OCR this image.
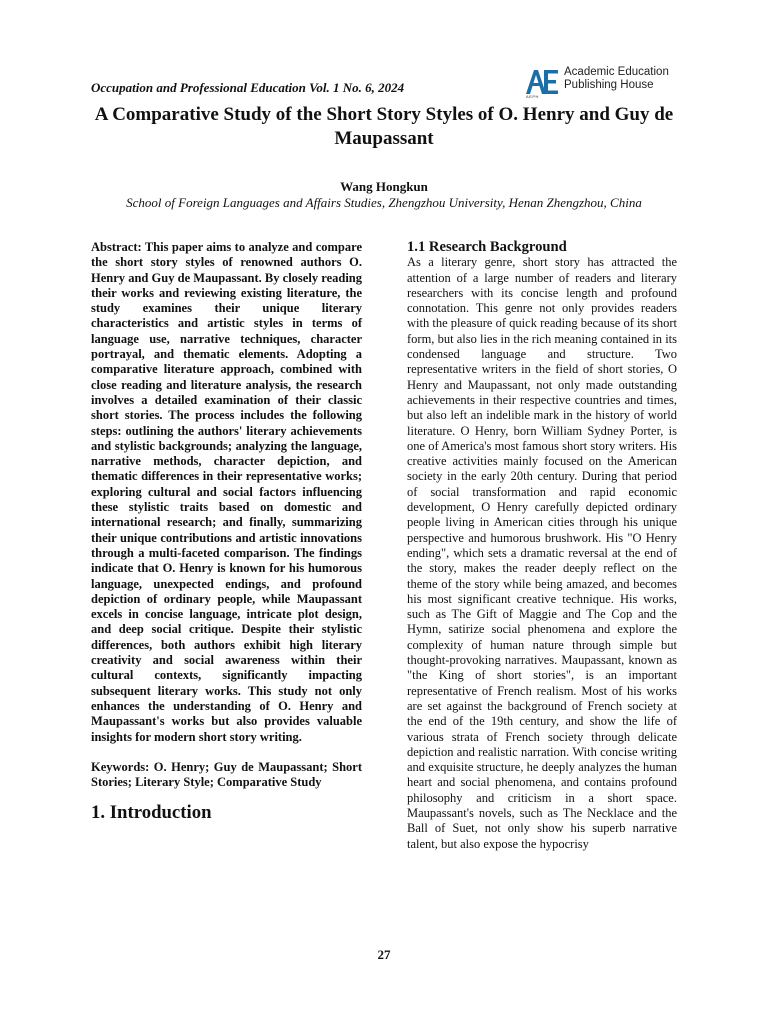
Occupation and Professional Education Vol. 1 No. 6, 2024
Academic Education
Publishing House
AEPH
A Comparative Study of the Short Story Styles of O. Henry and Guy de Maupassant
Wang Hongkun
School of Foreign Languages and Affairs Studies, Zhengzhou University, Henan Zhengzhou, China

Abstract: This paper aims to analyze and compare the short story styles of renowned authors O. Henry and Guy de Maupassant. By closely reading their works and reviewing existing literature, the study examines their unique literary characteristics and artistic styles in terms of language use, narrative techniques, character portrayal, and thematic elements. Adopting a comparative literature approach, combined with close reading and literature analysis, the research involves a detailed examination of their classic short stories. The process includes the following steps: outlining the authors' literary achievements and stylistic backgrounds; analyzing the language, narrative methods, character depiction, and thematic differences in their representative works; exploring cultural and social factors influencing these stylistic traits based on domestic and international research; and finally, summarizing their unique contributions and artistic innovations through a multi-faceted comparison. The findings indicate that O. Henry is known for his humorous language, unexpected endings, and profound depiction of ordinary people, while Maupassant excels in concise language, intricate plot design, and deep social critique. Despite their stylistic differences, both authors exhibit high literary creativity and social awareness within their cultural contexts, significantly impacting subsequent literary works. This study not only enhances the understanding of O. Henry and Maupassant's works but also provides valuable insights for modern short story writing.

Keywords: O. Henry; Guy de Maupassant; Short Stories; Literary Style; Comparative Study

1. Introduction
1.1 Research Background

As a literary genre, short story has attracted the attention of a large number of readers and literary researchers with its concise length and profound connotation. This genre not only provides readers with the pleasure of quick reading because of its short form, but also lies in the rich meaning contained in its condensed language and structure. Two representative writers in the field of short stories, O Henry and Maupassant, not only made outstanding achievements in their respective countries and times, but also left an indelible mark in the history of world literature. O Henry, born William Sydney Porter, is one of America's most famous short story writers. His creative activities mainly focused on the American society in the early 20th century. During that period of social transformation and rapid economic development, O Henry carefully depicted ordinary people living in American cities through his unique perspective and humorous brushwork. His "O Henry ending", which sets a dramatic reversal at the end of the story, makes the reader deeply reflect on the theme of the story while being amazed, and becomes his most significant creative technique. His works, such as The Gift of Maggie and The Cop and the Hymn, satirize social phenomena and explore the complexity of human nature through simple but thought-provoking narratives. Maupassant, known as "the King of short stories", is an important representative of French realism. Most of his works are set against the background of French society at the end of the 19th century, and show the life of various strata of French society through delicate depiction and realistic narration. With concise writing and exquisite structure, he deeply analyzes the human heart and social phenomena, and contains profound philosophy and criticism in a short space. Maupassant's novels, such as The Necklace and the Ball of Suet, not only show his superb narrative talent, but also expose the hypocrisy

27
